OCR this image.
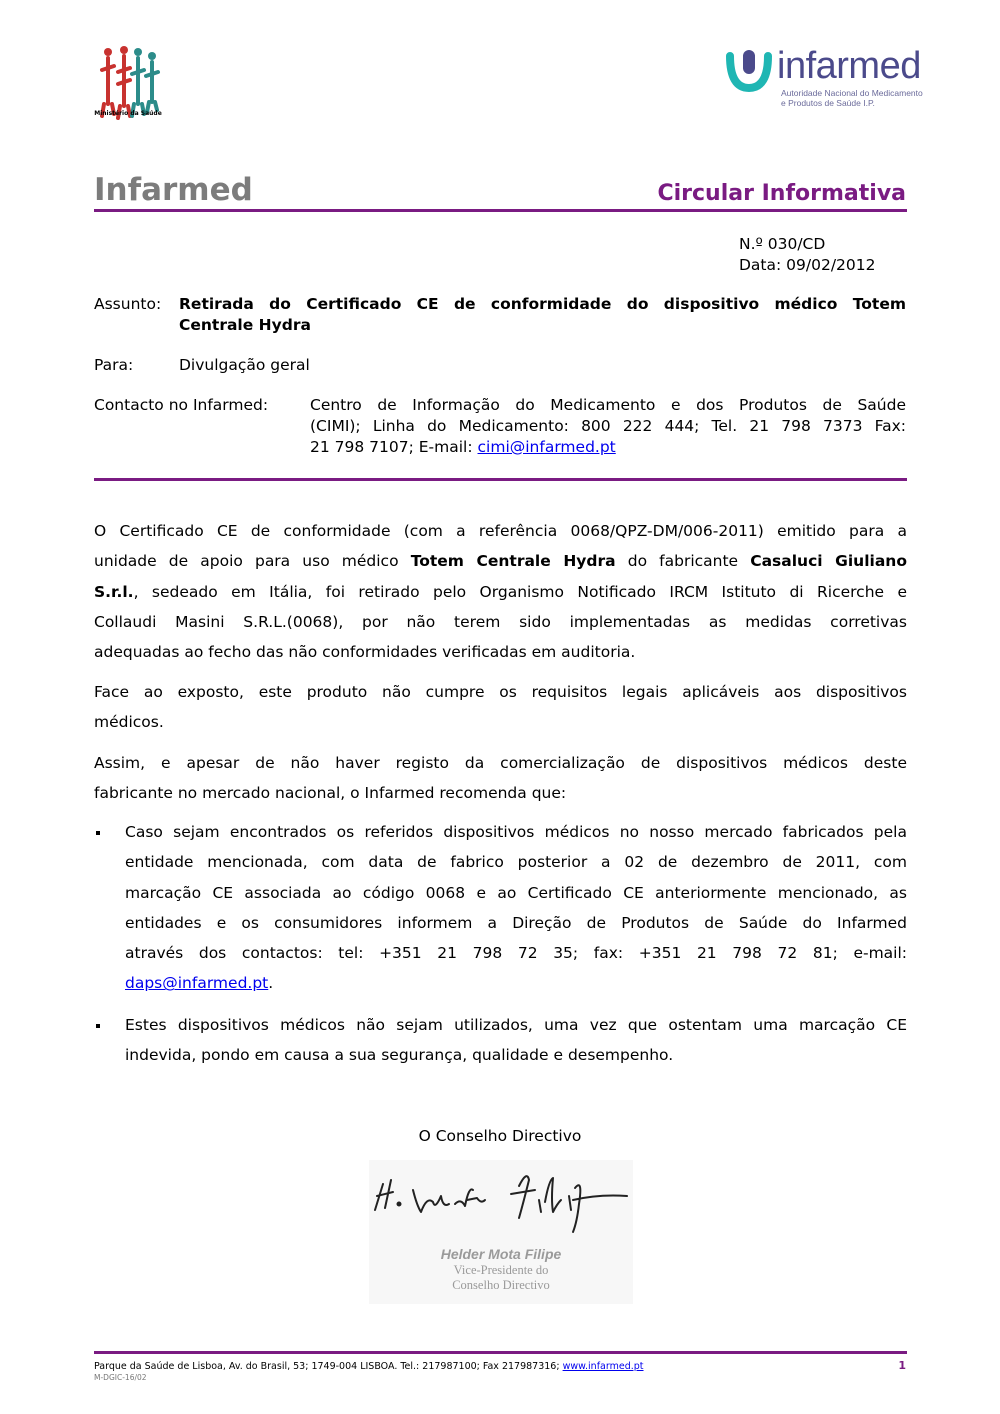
Ministério da Saúde
infarmed
Autoridade Nacional do Medicamento
e Produtos de Saúde I.P.
Infarmed	Circular Informativa
N.º 030/CD
Data: 09/02/2012
Assunto: Retirada do Certificado CE de conformidade do dispositivo médico Totem
Centrale Hydra
Para:	Divulgação geral
Contacto no Infarmed:	Centro de Informação do Medicamento e dos Produtos de Saúde
(CIMI); Linha do Medicamento: 800 222 444; Tel. 21 798 7373 Fax:
21 798 7107; E-mail: cimi@infarmed.pt
O Certificado CE de conformidade (com a referência 0068/QPZ-DM/006-2011) emitido para a
unidade de apoio para uso médico Totem Centrale Hydra do fabricante Casaluci Giuliano
S.r.l., sedeado em Itália, foi retirado pelo Organismo Notificado IRCM Istituto di Ricerche e
Collaudi Masini S.R.L.(0068), por não terem sido implementadas as medidas corretivas
adequadas ao fecho das não conformidades verificadas em auditoria.
Face ao exposto, este produto não cumpre os requisitos legais aplicáveis aos dispositivos
médicos.
Assim, e apesar de não haver registo da comercialização de dispositivos médicos deste
fabricante no mercado nacional, o Infarmed recomenda que:
Caso sejam encontrados os referidos dispositivos médicos no nosso mercado fabricados pela
entidade mencionada, com data de fabrico posterior a 02 de dezembro de 2011, com
marcação CE associada ao código 0068 e ao Certificado CE anteriormente mencionado, as
entidades e os consumidores informem a Direção de Produtos de Saúde do Infarmed
através dos contactos: tel: +351 21 798 72 35; fax: +351 21 798 72 81; e-mail:
daps@infarmed.pt.
Estes dispositivos médicos não sejam utilizados, uma vez que ostentam uma marcação CE
indevida, pondo em causa a sua segurança, qualidade e desempenho.
O Conselho Directivo
Helder Mota Filipe
Vice-Presidente do
Conselho Directivo
Parque da Saúde de Lisboa, Av. do Brasil, 53; 1749-004 LISBOA. Tel.: 217987100; Fax 217987316; www.infarmed.pt
M-DGIC-16/02
1
